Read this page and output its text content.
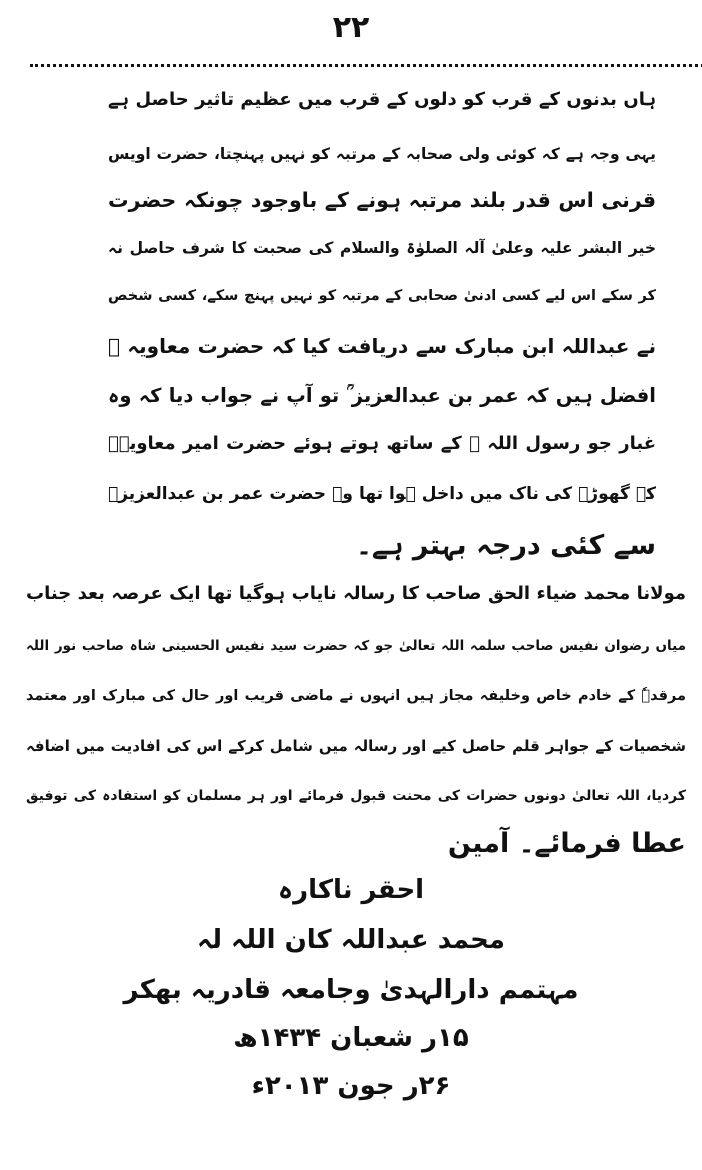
۲۲
ہاں بدنوں کے قرب کو دلوں کے قرب میں عظیم تاثیر حاصل ہے
یہی وجہ ہے کہ کوئی ولی صحابہ کے مرتبہ کو نہیں پہنچتا، حضرت اویس
قرنی اس قدر بلند مرتبہ ہونے کے باوجود چونکہ حضرت
خیر البشر علیہ وعلیٰ آلہ الصلوٰۃ والسلام کی صحبت کا شرف حاصل نہ
کر سکے اس لیے کسی ادنیٰ صحابی کے مرتبہ کو نہیں پہنچ سکے، کسی شخص
نے عبداللہ ابن مبارک سے دریافت کیا کہ حضرت معاویہ ﷜
افضل ہیں کہ عمر بن عبدالعزیز ؒ تو آپ نے جواب دیا کہ وہ
غبار جو رسول اللہ ﷺ کے ساتھ ہوتے ہوئے حضرت امیر معاویہؓ
کے گھوڑے کی ناک میں داخل ہوا تھا وہ حضرت عمر بن عبدالعزیزؒ
سے کئی درجہ بہتر ہے۔
مولانا محمد ضیاء الحق صاحب کا رسالہ نایاب ہوگیا تھا ایک عرصہ بعد جناب
میاں رضوان نفیس صاحب سلمہ اللہ تعالیٰ جو کہ حضرت سید نفیس الحسینی شاہ صاحب نور اللہ
مرقدہٗ کے خادم خاص وخلیفہ مجاز ہیں انہوں نے ماضی قریب اور حال کی مبارک اور معتمد
شخصیات کے جواہر قلم حاصل کیے اور رسالہ میں شامل کرکے اس کی افادیت میں اضافہ
کردیا، اللہ تعالیٰ دونوں حضرات کی محنت قبول فرمائے اور ہر مسلمان کو استفادہ کی توفیق
عطا فرمائے۔ آمین
احقر ناکارہ
محمد عبداللہ کان اللہ لہ
مہتمم دارالہدیٰ وجامعہ قادریہ بھکر
۱۵ر شعبان ۱۴۳۴ھ
۲۶ر جون ۲۰۱۳ء
